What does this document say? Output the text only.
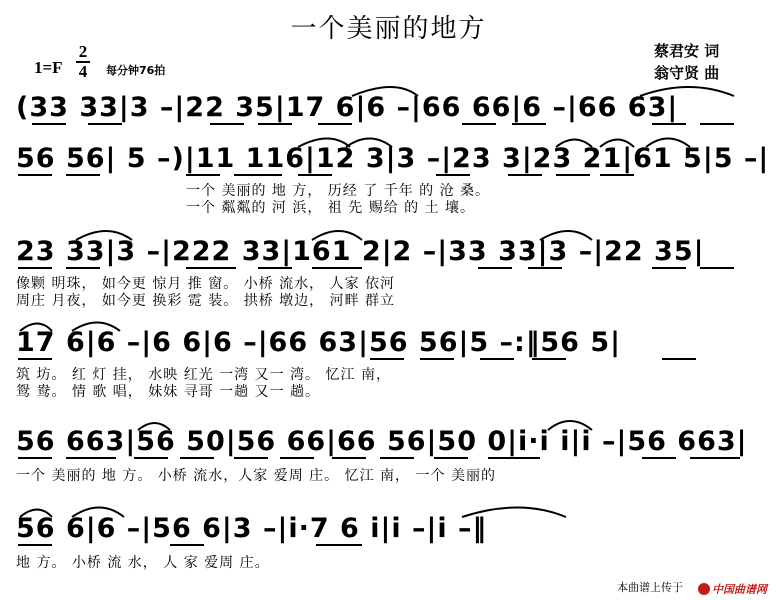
一个美丽的地方
1=F
2
4 每分钟76拍
蔡君安 词
翁守贤 曲
(33 33|3 –|22 35|17 6|6 –|66 66|6 –|66 63|
56 56| 5 –)|11 116|12 3|3 –|23 3|23 21|61 5|5 –|
一个 美丽的 地 方， 历经 了 千年 的 沧 桑。
一个 粼粼的 河 浜， 祖 先 赐给 的 土 壤。
23 33|3 –|222 33|161 2|2 –|33 33|3 –|22 35|
像颗 明珠， 如今更 惊月 推 窗。 小桥 流水， 人家 依河
周庄 月夜， 如今更 换彩 霓 装。 拱桥 墩边， 河畔 群立
17 6|6 –|6 6|6 –|66 63|56 56|5 –:‖56 5|
筑 坊。 红 灯 挂， 水映 红光 一湾 又一 湾。 忆江 南，
鸳 鸯。 情 歌 唱， 妹妹 寻哥 一趟 又一 趟。
56 663|56 50|56 66|66 56|50 0|i·i i|i –|56 663|
一个 美丽的 地 方。 小桥 流水，人家 爱周 庄。 忆江 南， 一个 美丽的
56 6|6 –|56 6|3 –|i·7 6 i|i –|i –‖
地 方。 小桥 流 水， 人 家 爱周 庄。
本曲谱上传于	中国曲谱网
